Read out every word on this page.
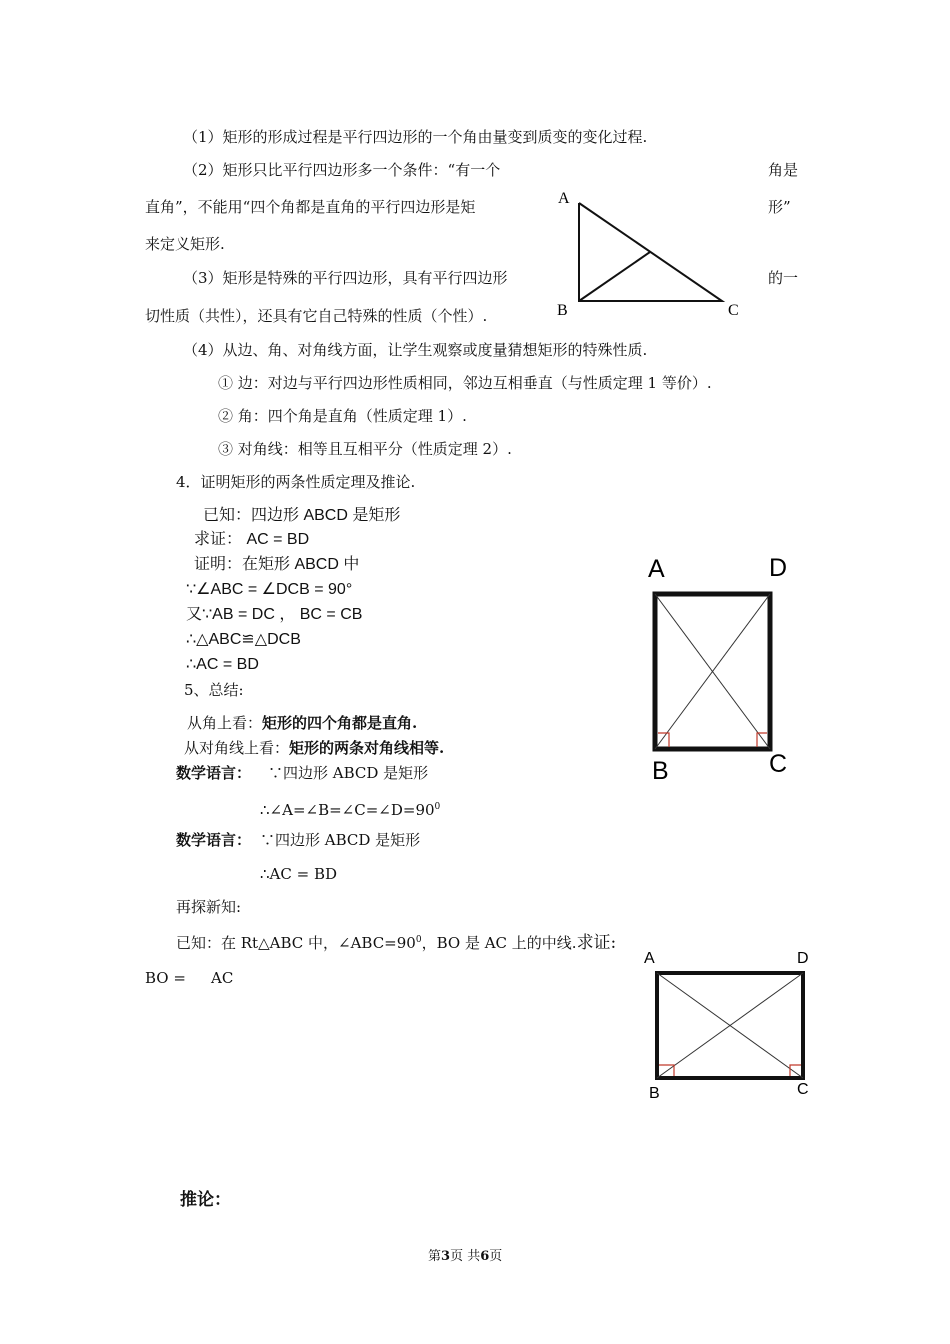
（1）矩形的形成过程是平行四边形的一个角由量变到质变的变化过程.
（2）矩形只比平行四边形多一个条件：“有一个	角是
直角”，不能用“四个角都是直角的平行四边形是矩	形”
来定义矩形.
（3）矩形是特殊的平行四边形，具有平行四边形	的一
切性质（共性），还具有它自己特殊的性质（个性）.
（4）从边、角、对角线方面，让学生观察或度量猜想矩形的特殊性质.
① 边：对边与平行四边形性质相同，邻边互相垂直（与性质定理 1 等价）.
② 角：四个角是直角（性质定理 1）.
③ 对角线：相等且互相平分（性质定理 2）.
A
B	C
4．证明矩形的两条性质定理及推论.
已知：四边形 ABCD 是矩形
求证： AC = BD
证明：在矩形 ABCD 中
∵∠ABC = ∠DCB = 90°
又∵AB = DC ， BC = CB
∴△ABC≌△DCB
∴AC = BD
A	D
B	C
5、总结:
从角上看：矩形的四个角都是直角.
从对角线上看：矩形的两条对角线相等.
数学语言： ∵四边形 ABCD 是矩形
$\therefore\angle A=\angle B=\angle C=\angle D=90^0$
数学语言： ∵四边形 ABCD 是矩形
∴AC = BD
再探新知:
已知：在 Rt△ABC 中，$\angle ABC=90^0$，BO 是 AC 上的中线.求证:
BO = AC
A	D
B	C
推论：
第3页 共6页
